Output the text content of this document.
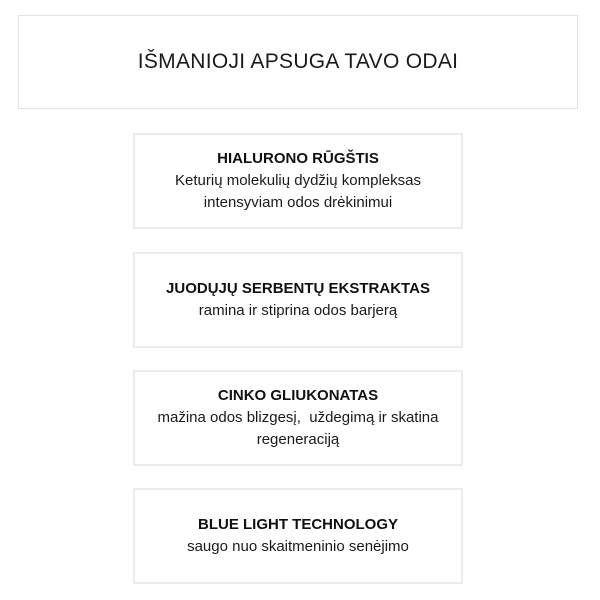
IŠMANIOJI APSUGA TAVO ODAI
HIALURONO RŪGŠTIS
Keturių molekulių dydžių kompleksas intensyviam odos drėkinimui
JUODŲJŲ SERBENTŲ EKSTRAKTAS
ramina ir stiprina odos barjerą
CINKO GLIUKONATAS
mažina odos blizgesį,  uždegimą ir skatina regeneraciją
BLUE LIGHT TECHNOLOGY
saugo nuo skaitmeninio senėjimo
